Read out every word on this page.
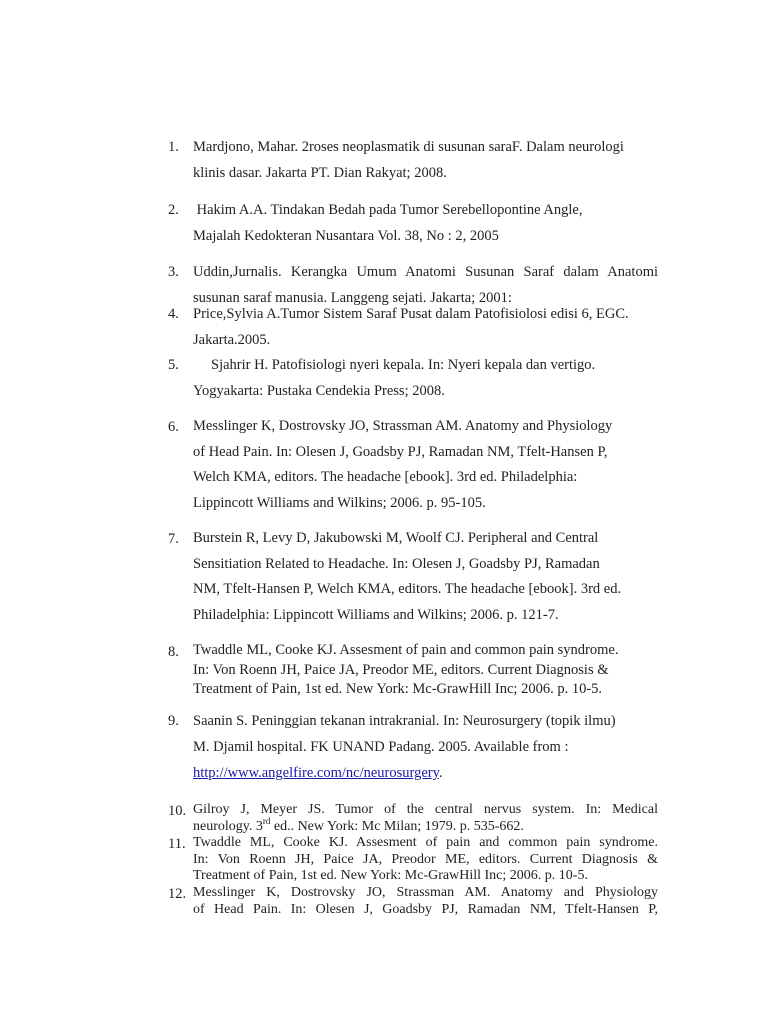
1. Mardjono, Mahar. 2roses neoplasmatik di susunan saraF. Dalam neurologi
klinis dasar. Jakarta PT. Dian Rakyat; 2008.
2. Hakim A.A. Tindakan Bedah pada Tumor Serebellopontine Angle,
Majalah Kedokteran Nusantara Vol. 38, No : 2, 2005
3. Uddin,Jurnalis. Kerangka Umum Anatomi Susunan Saraf dalam Anatomi
susunan saraf manusia. Langgeng sejati. Jakarta; 2001:
4. Price,Sylvia A.Tumor Sistem Saraf Pusat dalam Patofisiolosi edisi 6, EGC.
Jakarta.2005.
5.	Sjahrir H. Patofisiologi nyeri kepala. In: Nyeri kepala dan vertigo.
Yogyakarta: Pustaka Cendekia Press; 2008.
6. Messlinger K, Dostrovsky JO, Strassman AM. Anatomy and Physiology
of Head Pain. In: Olesen J, Goadsby PJ, Ramadan NM, Tfelt-Hansen P,
Welch KMA, editors. The headache [ebook]. 3rd ed. Philadelphia:
Lippincott Williams and Wilkins; 2006. p. 95-105.
7. Burstein R, Levy D, Jakubowski M, Woolf CJ. Peripheral and Central
Sensitiation Related to Headache. In: Olesen J, Goadsby PJ, Ramadan
NM, Tfelt-Hansen P, Welch KMA, editors. The headache [ebook]. 3rd ed.
Philadelphia: Lippincott Williams and Wilkins; 2006. p. 121-7.
8. Twaddle ML, Cooke KJ. Assesment of pain and common pain syndrome.
In: Von Roenn JH, Paice JA, Preodor ME, editors. Current Diagnosis &
Treatment of Pain, 1st ed. New York: Mc-GrawHill Inc; 2006. p. 10-5.
9. Saanin S. Peninggian tekanan intrakranial. In: Neurosurgery (topik ilmu)
M. Djamil hospital. FK UNAND Padang. 2005. Available from :
http://www.angelfire.com/nc/neurosurgery.
10. Gilroy J, Meyer JS. Tumor of the central nervus system. In: Medical
neurology. 3rd ed.. New York: Mc Milan; 1979. p. 535-662.
11. Twaddle ML, Cooke KJ. Assesment of pain and common pain syndrome.
In: Von Roenn JH, Paice JA, Preodor ME, editors. Current Diagnosis &
Treatment of Pain, 1st ed. New York: Mc-GrawHill Inc; 2006. p. 10-5.
12. Messlinger K, Dostrovsky JO, Strassman AM. Anatomy and Physiology
of Head Pain. In: Olesen J, Goadsby PJ, Ramadan NM, Tfelt-Hansen P,
